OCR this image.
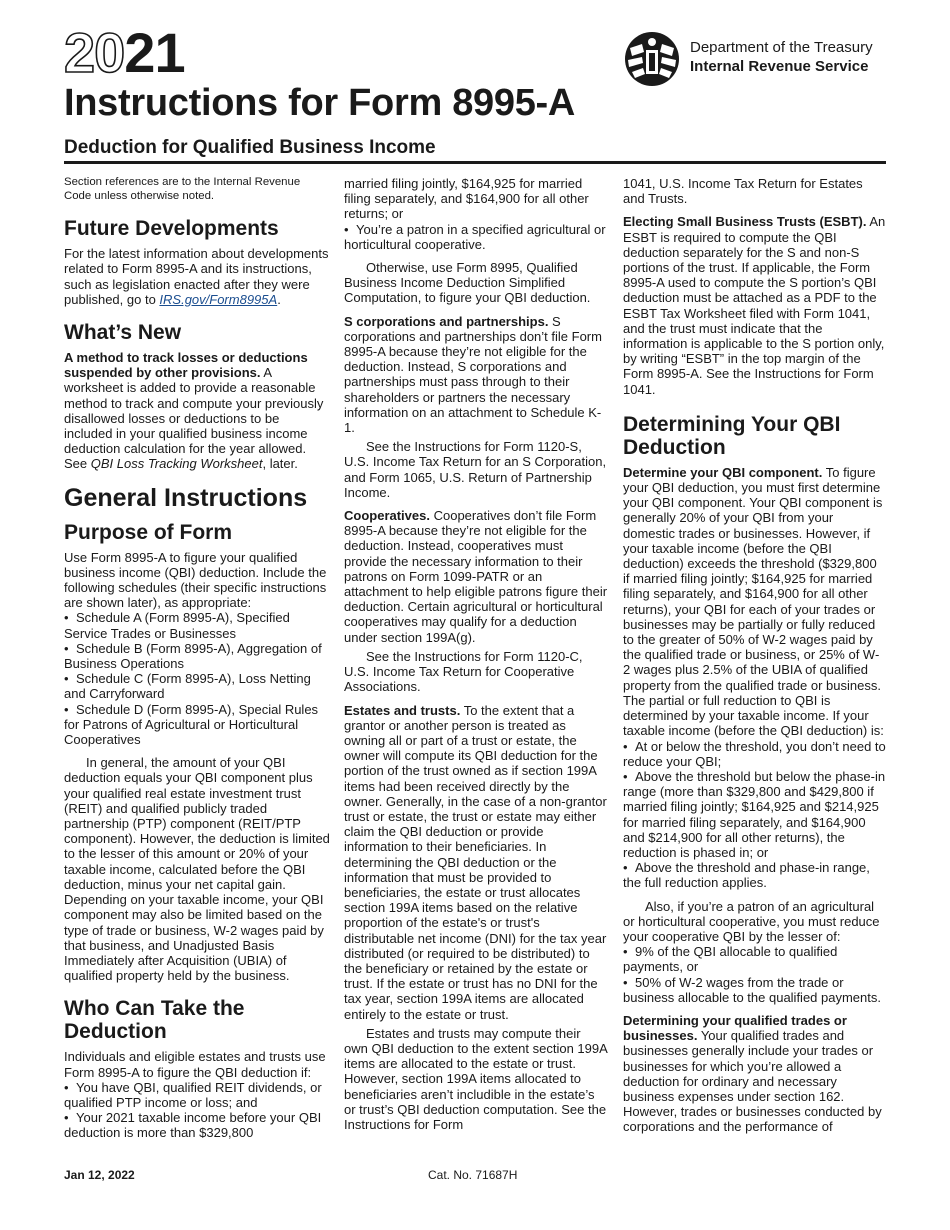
2021
Instructions for Form 8995-A
Deduction for Qualified Business Income
Department of the Treasury
Internal Revenue Service

Section references are to the Internal Revenue Code unless otherwise noted.

Future Developments

For the latest information about developments related to Form 8995-A and its instructions, such as legislation enacted after they were published, go to IRS.gov/Form8995A.

What’s New

A method to track losses or deductions suspended by other provisions. A worksheet is added to provide a reasonable method to track and compute your previously disallowed losses or deductions to be included in your qualified business income deduction calculation for the year allowed. See QBI Loss Tracking Worksheet, later.

General Instructions
Purpose of Form

Use Form 8995-A to figure your qualified business income (QBI) deduction. Include the following schedules (their specific instructions are shown later), as appropriate:

• Schedule A (Form 8995-A), Specified Service Trades or Businesses
• Schedule B (Form 8995-A), Aggregation of Business Operations
• Schedule C (Form 8995-A), Loss Netting and Carryforward
• Schedule D (Form 8995-A), Special Rules for Patrons of Agricultural or Horticultural Cooperatives

In general, the amount of your QBI deduction equals your QBI component plus your qualified real estate investment trust (REIT) and qualified publicly traded partnership (PTP) component (REIT/PTP component). However, the deduction is limited to the lesser of this amount or 20% of your taxable income, calculated before the QBI deduction, minus your net capital gain. Depending on your taxable income, your QBI component may also be limited based on the type of trade or business, W-2 wages paid by that business, and Unadjusted Basis Immediately after Acquisition (UBIA) of qualified property held by the business.

Who Can Take the Deduction

Individuals and eligible estates and trusts use Form 8995-A to figure the QBI deduction if:

• You have QBI, qualified REIT dividends, or qualified PTP income or loss; and
• Your 2021 taxable income before your QBI deduction is more than $329,800

married filing jointly, $164,925 for married filing separately, and $164,900 for all other returns; or

• You’re a patron in a specified agricultural or horticultural cooperative.

Otherwise, use Form 8995, Qualified Business Income Deduction Simplified Computation, to figure your QBI deduction.

S corporations and partnerships. S corporations and partnerships don’t file Form 8995-A because they’re not eligible for the deduction. Instead, S corporations and partnerships must pass through to their shareholders or partners the necessary information on an attachment to Schedule K-1.

See the Instructions for Form 1120-S, U.S. Income Tax Return for an S Corporation, and Form 1065, U.S. Return of Partnership Income.

Cooperatives. Cooperatives don’t file Form 8995-A because they’re not eligible for the deduction. Instead, cooperatives must provide the necessary information to their patrons on Form 1099-PATR or an attachment to help eligible patrons figure their deduction. Certain agricultural or horticultural cooperatives may qualify for a deduction under section 199A(g).

See the Instructions for Form 1120-C, U.S. Income Tax Return for Cooperative Associations.

Estates and trusts. To the extent that a grantor or another person is treated as owning all or part of a trust or estate, the owner will compute its QBI deduction for the portion of the trust owned as if section 199A items had been received directly by the owner. Generally, in the case of a non-grantor trust or estate, the trust or estate may either claim the QBI deduction or provide information to their beneficiaries. In determining the QBI deduction or the information that must be provided to beneficiaries, the estate or trust allocates section 199A items based on the relative proportion of the estate's or trust's distributable net income (DNI) for the tax year distributed (or required to be distributed) to the beneficiary or retained by the estate or trust. If the estate or trust has no DNI for the tax year, section 199A items are allocated entirely to the estate or trust.

Estates and trusts may compute their own QBI deduction to the extent section 199A items are allocated to the estate or trust. However, section 199A items allocated to beneficiaries aren’t includible in the estate’s or trust’s QBI deduction computation. See the Instructions for Form

1041, U.S. Income Tax Return for Estates and Trusts.

Electing Small Business Trusts (ESBT). An ESBT is required to compute the QBI deduction separately for the S and non-S portions of the trust. If applicable, the Form 8995-A used to compute the S portion’s QBI deduction must be attached as a PDF to the ESBT Tax Worksheet filed with Form 1041, and the trust must indicate that the information is applicable to the S portion only, by writing “ESBT” in the top margin of the Form 8995-A. See the Instructions for Form 1041.

Determining Your QBI Deduction

Determine your QBI component. To figure your QBI deduction, you must first determine your QBI component. Your QBI component is generally 20% of your QBI from your domestic trades or businesses. However, if your taxable income (before the QBI deduction) exceeds the threshold ($329,800 if married filing jointly; $164,925 for married filing separately, and $164,900 for all other returns), your QBI for each of your trades or businesses may be partially or fully reduced to the greater of 50% of W-2 wages paid by the qualified trade or business, or 25% of W-2 wages plus 2.5% of the UBIA of qualified property from the qualified trade or business. The partial or full reduction to QBI is determined by your taxable income. If your taxable income (before the QBI deduction) is:

• At or below the threshold, you don’t need to reduce your QBI;
• Above the threshold but below the phase-in range (more than $329,800 and $429,800 if married filing jointly; $164,925 and $214,925 for married filing separately, and $164,900 and $214,900 for all other returns), the reduction is phased in; or
• Above the threshold and phase-in range, the full reduction applies.

Also, if you’re a patron of an agricultural or horticultural cooperative, you must reduce your cooperative QBI by the lesser of:

• 9% of the QBI allocable to qualified payments, or
• 50% of W-2 wages from the trade or business allocable to the qualified payments.

Determining your qualified trades or businesses. Your qualified trades and businesses generally include your trades or businesses for which you’re allowed a deduction for ordinary and necessary business expenses under section 162. However, trades or businesses conducted by corporations and the performance of

Jan 12, 2022	Cat. No. 71687H
